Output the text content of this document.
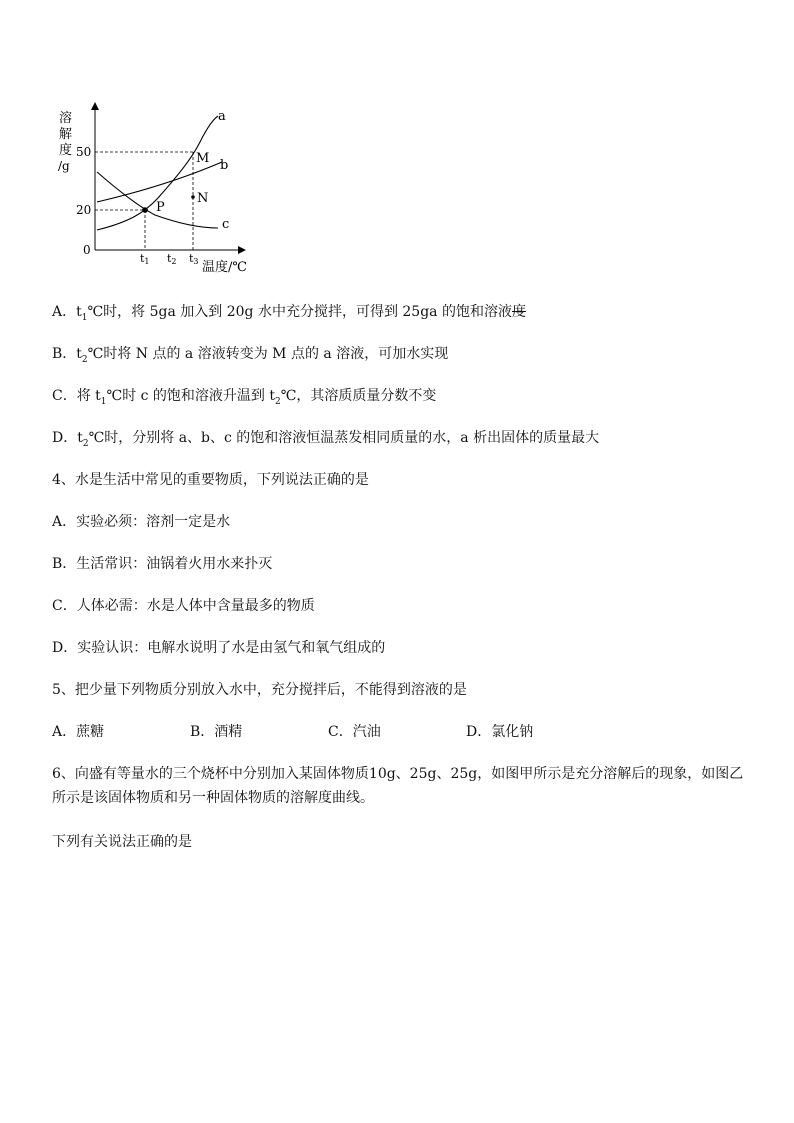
溶
解
度
/g
50
20
0
a
b
c
M
N
P
t1 t2 t3 温度/℃
A．$t_1℃$时，将 5ga 加入到 20g 水中充分搅拌，可得到 25ga 的饱和溶液度
B．$t_2℃$时将 N 点的 a 溶液转变为 M 点的 a 溶液，可加水实现
C．将 $t_1℃$时 c 的饱和溶液升温到 $t_2℃$，其溶质质量分数不变
D．$t_2℃$时，分别将 a、b、c 的饱和溶液恒温蒸发相同质量的水，a 析出固体的质量最大
4、水是生活中常见的重要物质，下列说法正确的是
A．实验必须：溶剂一定是水
B．生活常识：油锅着火用水来扑灭
C．人体必需：水是人体中含量最多的物质
D．实验认识：电解水说明了水是由氢气和氧气组成的
5、把少量下列物质分别放入水中，充分搅拌后，不能得到溶液的是
A．蔗糖	B．酒精	C．汽油	D．氯化钠
6、向盛有等量水的三个烧杯中分别加入某固体物质10g、25g、25g，如图甲所示是充分溶解后的现象，如图乙所示是该固体物质和另一种固体物质的溶解度曲线。
下列有关说法正确的是
